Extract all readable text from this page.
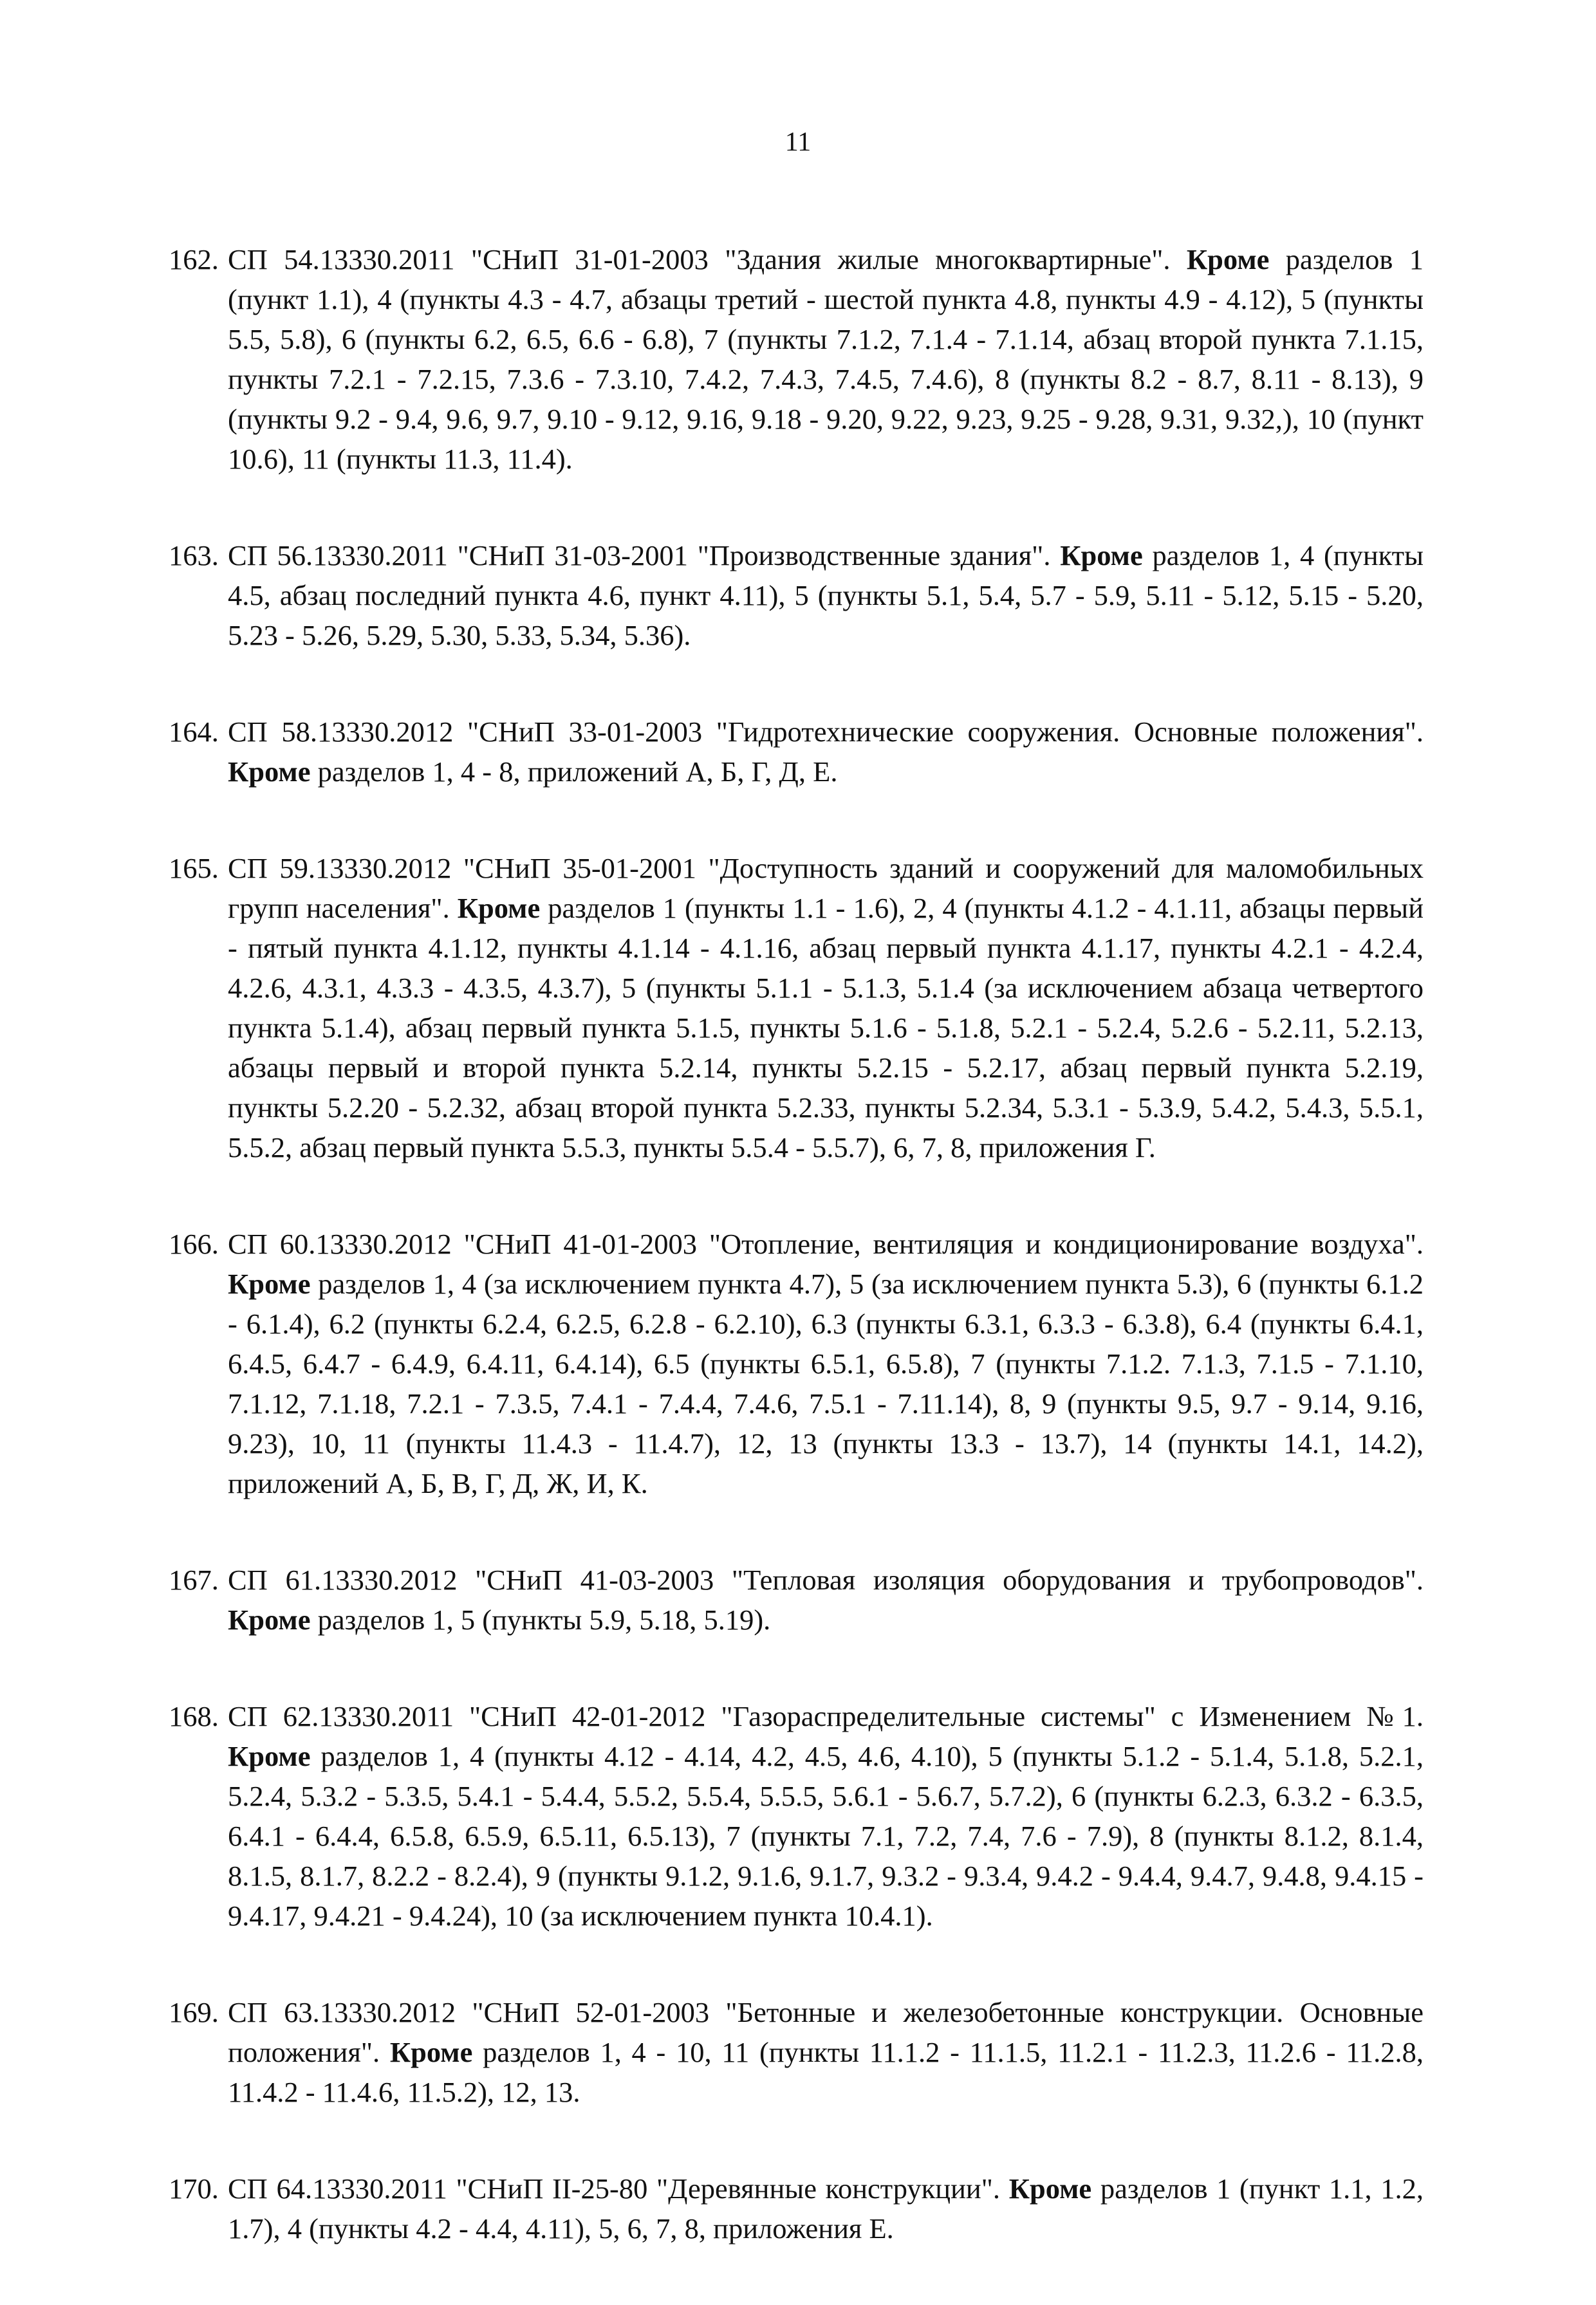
11
162. СП 54.13330.2011 "СНиП 31-01-2003 "Здания жилые многоквартирные". Кроме разделов 1 (пункт 1.1), 4 (пункты 4.3 - 4.7, абзацы третий - шестой пункта 4.8, пункты 4.9 - 4.12), 5 (пункты 5.5, 5.8), 6 (пункты 6.2, 6.5, 6.6 - 6.8), 7 (пункты 7.1.2, 7.1.4 - 7.1.14, абзац второй пункта 7.1.15, пункты 7.2.1 - 7.2.15, 7.3.6 - 7.3.10, 7.4.2, 7.4.3, 7.4.5, 7.4.6), 8 (пункты 8.2 - 8.7, 8.11 - 8.13), 9 (пункты 9.2 - 9.4, 9.6, 9.7, 9.10 - 9.12, 9.16, 9.18 - 9.20, 9.22, 9.23, 9.25 - 9.28, 9.31, 9.32,), 10 (пункт 10.6), 11 (пункты 11.3, 11.4).
163. СП 56.13330.2011 "СНиП 31-03-2001 "Производственные здания". Кроме разделов 1, 4 (пункты 4.5, абзац последний пункта 4.6, пункт 4.11), 5 (пункты 5.1, 5.4, 5.7 - 5.9, 5.11 - 5.12, 5.15 - 5.20, 5.23 - 5.26, 5.29, 5.30, 5.33, 5.34, 5.36).
164. СП 58.13330.2012 "СНиП 33-01-2003 "Гидротехнические сооружения. Основные положения". Кроме разделов 1, 4 - 8, приложений А, Б, Г, Д, Е.
165. СП 59.13330.2012 "СНиП 35-01-2001 "Доступность зданий и сооружений для маломобильных групп населения". Кроме разделов 1 (пункты 1.1 - 1.6), 2, 4 (пункты 4.1.2 - 4.1.11, абзацы первый - пятый пункта 4.1.12, пункты 4.1.14 - 4.1.16, абзац первый пункта 4.1.17, пункты 4.2.1 - 4.2.4, 4.2.6, 4.3.1, 4.3.3 - 4.3.5, 4.3.7), 5 (пункты 5.1.1 - 5.1.3, 5.1.4 (за исключением абзаца четвертого пункта 5.1.4), абзац первый пункта 5.1.5, пункты 5.1.6 - 5.1.8, 5.2.1 - 5.2.4, 5.2.6 - 5.2.11, 5.2.13, абзацы первый и второй пункта 5.2.14, пункты 5.2.15 - 5.2.17, абзац первый пункта 5.2.19, пункты 5.2.20 - 5.2.32, абзац второй пункта 5.2.33, пункты 5.2.34, 5.3.1 - 5.3.9, 5.4.2, 5.4.3, 5.5.1, 5.5.2, абзац первый пункта 5.5.3, пункты 5.5.4 - 5.5.7), 6, 7, 8, приложения Г.
166. СП 60.13330.2012 "СНиП 41-01-2003 "Отопление, вентиляция и кондиционирование воздуха". Кроме разделов 1, 4 (за исключением пункта 4.7), 5 (за исключением пункта 5.3), 6 (пункты 6.1.2 - 6.1.4), 6.2 (пункты 6.2.4, 6.2.5, 6.2.8 - 6.2.10), 6.3 (пункты 6.3.1, 6.3.3 - 6.3.8), 6.4 (пункты 6.4.1, 6.4.5, 6.4.7 - 6.4.9, 6.4.11, 6.4.14), 6.5 (пункты 6.5.1, 6.5.8), 7 (пункты 7.1.2. 7.1.3, 7.1.5 - 7.1.10, 7.1.12, 7.1.18, 7.2.1 - 7.3.5, 7.4.1 - 7.4.4, 7.4.6, 7.5.1 - 7.11.14), 8, 9 (пункты 9.5, 9.7 - 9.14, 9.16, 9.23), 10, 11 (пункты 11.4.3 - 11.4.7), 12, 13 (пункты 13.3 - 13.7), 14 (пункты 14.1, 14.2), приложений А, Б, В, Г, Д, Ж, И, К.
167. СП 61.13330.2012 "СНиП 41-03-2003 "Тепловая изоляция оборудования и трубопроводов". Кроме разделов 1, 5 (пункты 5.9, 5.18, 5.19).
168. СП 62.13330.2011 "СНиП 42-01-2012 "Газораспределительные системы" с Изменением №1. Кроме разделов 1, 4 (пункты 4.12 - 4.14, 4.2, 4.5, 4.6, 4.10), 5 (пункты 5.1.2 - 5.1.4, 5.1.8, 5.2.1, 5.2.4, 5.3.2 - 5.3.5, 5.4.1 - 5.4.4, 5.5.2, 5.5.4, 5.5.5, 5.6.1 - 5.6.7, 5.7.2), 6 (пункты 6.2.3, 6.3.2 - 6.3.5, 6.4.1 - 6.4.4, 6.5.8, 6.5.9, 6.5.11, 6.5.13), 7 (пункты 7.1, 7.2, 7.4, 7.6 - 7.9), 8 (пункты 8.1.2, 8.1.4, 8.1.5, 8.1.7, 8.2.2 - 8.2.4), 9 (пункты 9.1.2, 9.1.6, 9.1.7, 9.3.2 - 9.3.4, 9.4.2 - 9.4.4, 9.4.7, 9.4.8, 9.4.15 - 9.4.17, 9.4.21 - 9.4.24), 10 (за исключением пункта 10.4.1).
169. СП 63.13330.2012 "СНиП 52-01-2003 "Бетонные и железобетонные конструкции. Основные положения". Кроме разделов 1, 4 - 10, 11 (пункты 11.1.2 - 11.1.5, 11.2.1 - 11.2.3, 11.2.6 - 11.2.8, 11.4.2 - 11.4.6, 11.5.2), 12, 13.
170. СП 64.13330.2011 "СНиП II-25-80 "Деревянные конструкции". Кроме разделов 1 (пункт 1.1, 1.2, 1.7), 4 (пункты 4.2 - 4.4, 4.11), 5, 6, 7, 8, приложения Е.
